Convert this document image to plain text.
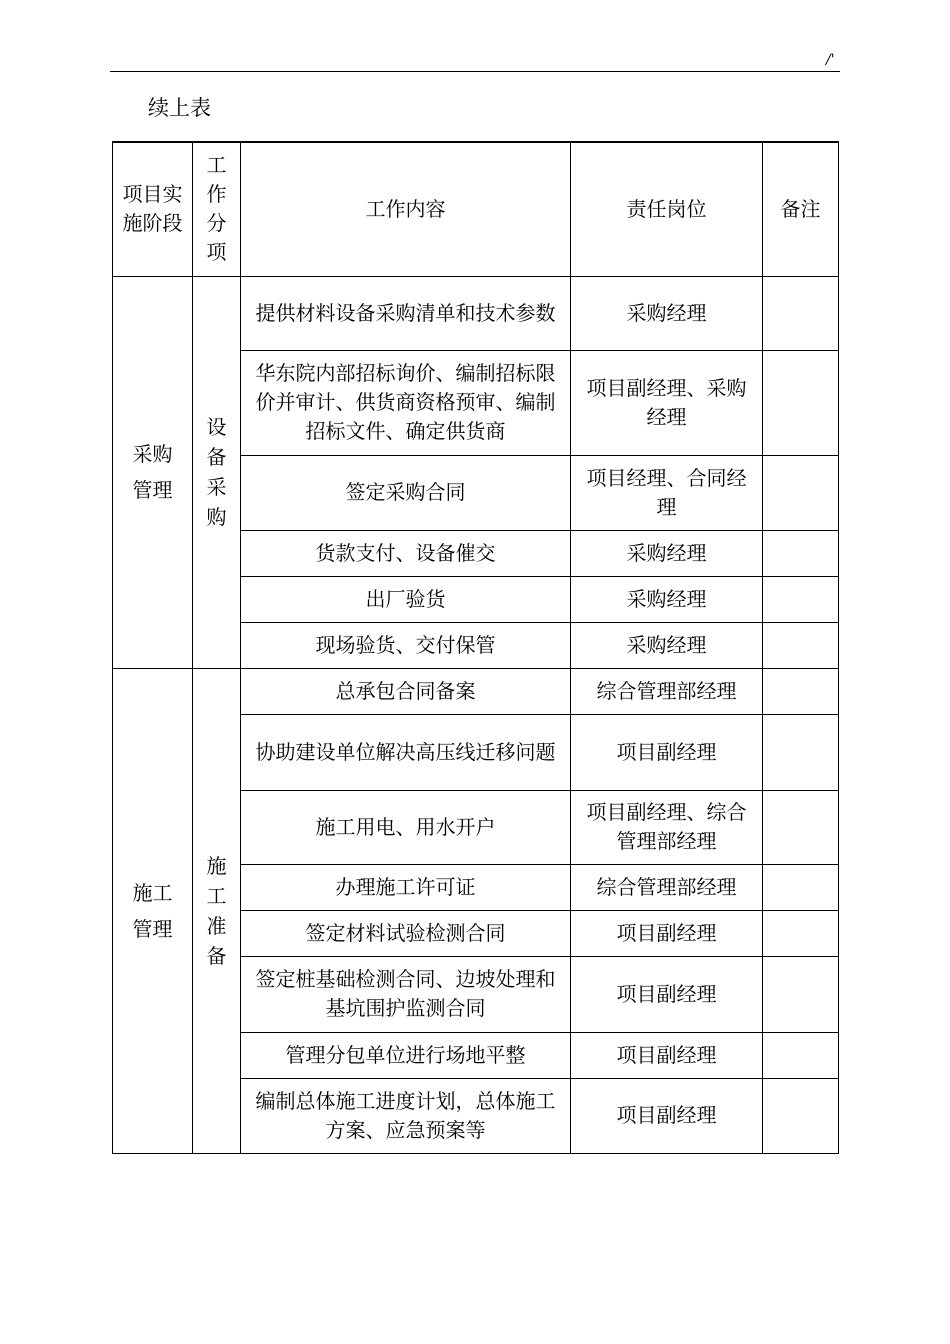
/'
续上表
项目实施阶段	工作分项	工作内容	责任岗位	备注
采购管理	设备采购	提供材料设备采购清单和技术参数	采购经理	
		华东院内部招标询价、编制招标限价并审计、供货商资格预审、编制招标文件、确定供货商	项目副经理、采购经理	
		签定采购合同	项目经理、合同经理	
		货款支付、设备催交	采购经理	
		出厂验货	采购经理	
		现场验货、交付保管	采购经理	
施工管理	施工准备	总承包合同备案	综合管理部经理	
		协助建设单位解决高压线迁移问题	项目副经理	
		施工用电、用水开户	项目副经理、综合管理部经理	
		办理施工许可证	综合管理部经理	
		签定材料试验检测合同	项目副经理	
		签定桩基础检测合同、边坡处理和基坑围护监测合同	项目副经理	
		管理分包单位进行场地平整	项目副经理	
		编制总体施工进度计划，总体施工方案、应急预案等	项目副经理	
